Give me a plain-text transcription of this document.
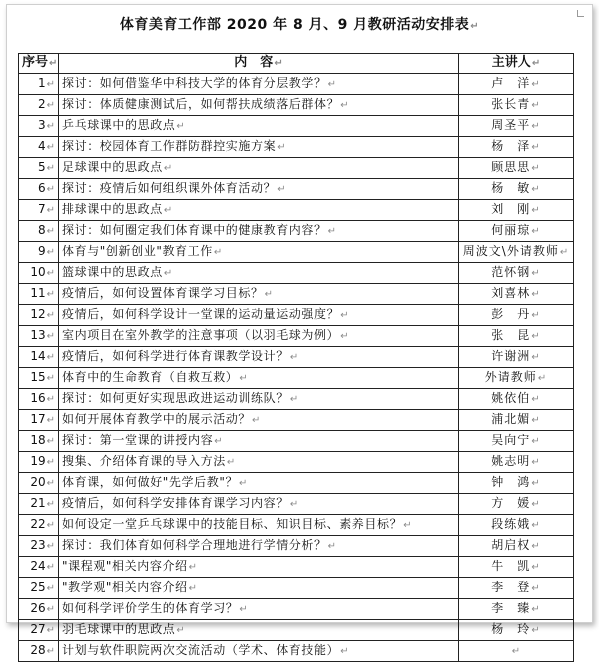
体育美育工作部 2020 年 8 月、9 月教研活动安排表↵
序号↵	内　容↵	主讲人↵
1↵	探讨：如何借鉴华中科技大学的体育分层教学？↵	卢　洋↵
2↵	探讨：体质健康测试后，如何帮扶成绩落后群体？↵	张长青↵
3↵	乒乓球课中的思政点↵	周圣平↵
4↵	探讨：校园体育工作群防群控实施方案↵	杨　泽↵
5↵	足球课中的思政点↵	顾思思↵
6↵	探讨：疫情后如何组织课外体育活动？↵	杨　敏↵
7↵	排球课中的思政点↵	刘　刚↵
8↵	探讨：如何圈定我们体育课中的健康教育内容？↵	何丽琼↵
9↵	体育与"创新创业"教育工作↵	周波文\外请教师↵
10↵	篮球课中的思政点↵	范怀钢↵
11↵	疫情后，如何设置体育课学习目标？↵	刘喜林↵
12↵	疫情后，如何科学设计一堂课的运动量运动强度？↵	彭　丹↵
13↵	室内项目在室外教学的注意事项（以羽毛球为例）↵	张　昆↵
14↵	疫情后，如何科学进行体育课教学设计？↵	许谢洲↵
15↵	体育中的生命教育（自救互救）↵	外请教师↵
16↵	探讨：如何更好实现思政进运动训练队？↵	姚依伯↵
17↵	如何开展体育教学中的展示活动？↵	浦北媚↵
18↵	探讨：第一堂课的讲授内容↵	吴向宁↵
19↵	搜集、介绍体育课的导入方法↵	姚志明↵
20↵	体育课，如何做好"先学后教"？↵	钟　鸿↵
21↵	疫情后，如何科学安排体育课学习内容？↵	方　媛↵
22↵	如何设定一堂乒乓球课中的技能目标、知识目标、素养目标？↵	段练娥↵
23↵	探讨：我们体育如何科学合理地进行学情分析？↵	胡启权↵
24↵	"课程观"相关内容介绍↵	牛　凯↵
25↵	"教学观"相关内容介绍↵	李　登↵
26↵	如何科学评价学生的体育学习？↵	李　臻↵
27↵	羽毛球课中的思政点↵	杨　玲↵
28↵	计划与软件职院两次交流活动（学术、体育技能）↵	↵
